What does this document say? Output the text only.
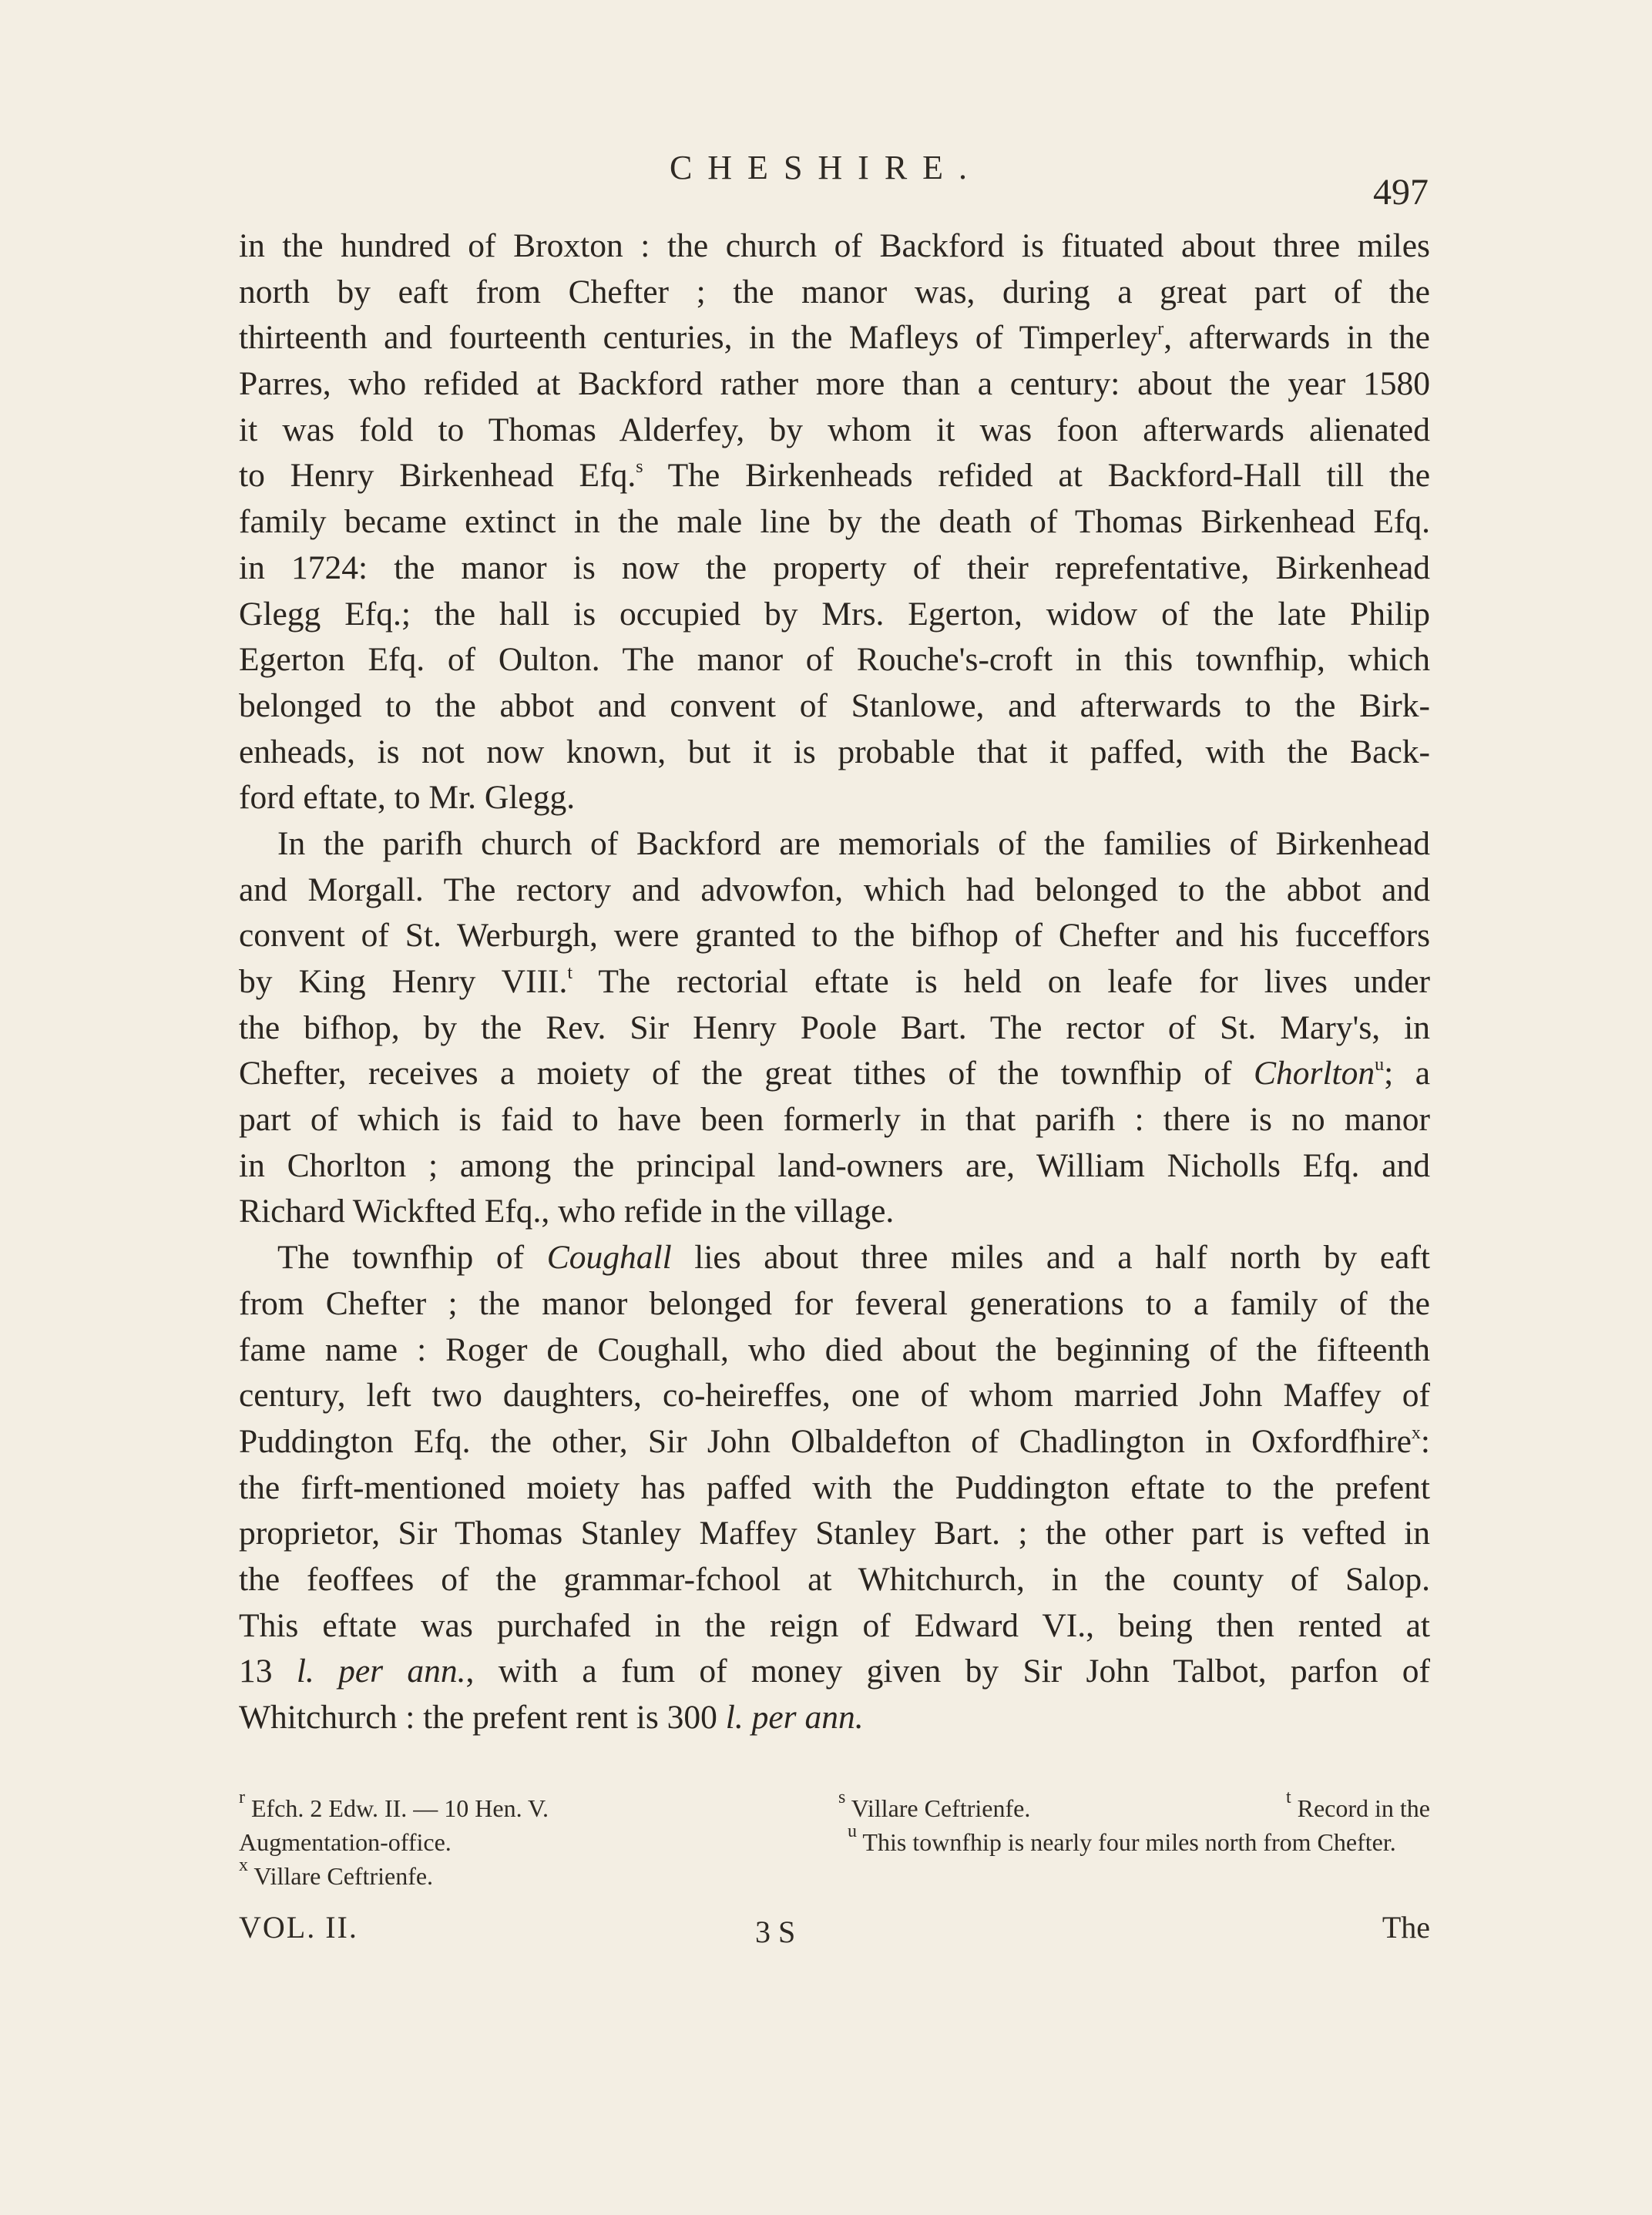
CHESHIRE.
497
in the hundred of Broxton : the church of Backford is fituated about three miles
north by eaft from Chefter ; the manor was, during a great part of the
thirteenth and fourteenth centuries, in the Mafleys of Timperley$^r$, afterwards in the
Parres, who refided at Backford rather more than a century: about the year 1580
it was fold to Thomas Alderfey, by whom it was foon afterwards alienated
to Henry Birkenhead Efq.$^s$ The Birkenheads refided at Backford-Hall till the
family became extinct in the male line by the death of Thomas Birkenhead Efq.
in 1724: the manor is now the property of their reprefentative, Birkenhead
Glegg Efq.; the hall is occupied by Mrs. Egerton, widow of the late Philip
Egerton Efq. of Oulton. The manor of Rouche's-croft in this townfhip, which
belonged to the abbot and convent of Stanlowe, and afterwards to the Birk-
enheads, is not now known, but it is probable that it paffed, with the Back-
ford eftate, to Mr. Glegg.
In the parifh church of Backford are memorials of the families of Birkenhead
and Morgall. The rectory and advowfon, which had belonged to the abbot and
convent of St. Werburgh, were granted to the bifhop of Chefter and his fucceffors
by King Henry VIII.$^t$ The rectorial eftate is held on leafe for lives under
the bifhop, by the Rev. Sir Henry Poole Bart. The rector of St. Mary's, in
Chefter, receives a moiety of the great tithes of the townfhip of Chorlton$^u$; a
part of which is faid to have been formerly in that parifh : there is no manor
in Chorlton ; among the principal land-owners are, William Nicholls Efq. and
Richard Wickfted Efq., who refide in the village.
The townfhip of Coughall lies about three miles and a half north by eaft
from Chefter ; the manor belonged for feveral generations to a family of the
fame name : Roger de Coughall, who died about the beginning of the fifteenth
century, left two daughters, co-heireffes, one of whom married John Maffey of
Puddington Efq. the other, Sir John Olbaldefton of Chadlington in Oxfordfhire$^x$:
the firft-mentioned moiety has paffed with the Puddington eftate to the prefent
proprietor, Sir Thomas Stanley Maffey Stanley Bart. ; the other part is vefted in
the feoffees of the grammar-fchool at Whitchurch, in the county of Salop.
This eftate was purchafed in the reign of Edward VI., being then rented at
13 l. per ann., with a fum of money given by Sir John Talbot, parfon of
Whitchurch : the prefent rent is 300 l. per ann.
$^r$ Efch. 2 Edw. II. — 10 Hen. V.	$^s$ Villare Ceftrienfe.	$^t$ Record in the
Augmentation-office.	$^u$ This townfhip is nearly four miles north from Chefter.
$^x$ Villare Ceftrienfe.
VOL. II.	3 S	The
